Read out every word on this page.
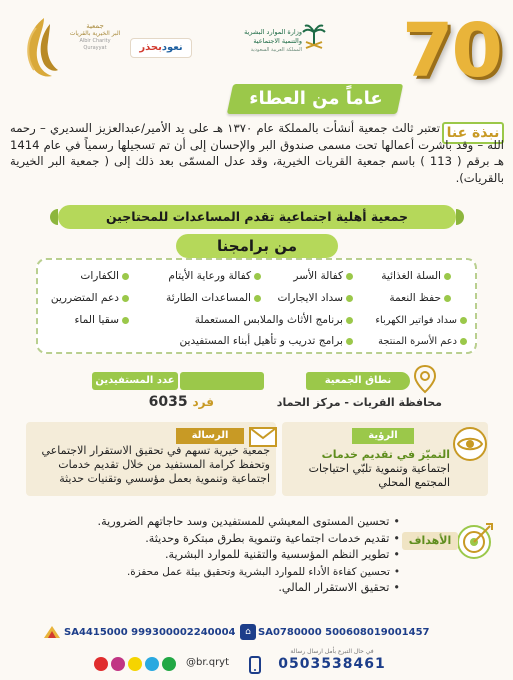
جمعية
البر الخيرية بالقريات
Albir Charity
Qurayyat	نعودبحذر
وزارة الموارد البشرية
والتنمية الاجتماعية
المملكة العربية السعودية 70
عاماً من العطاء
نبذة عنا

تعتبر ثالث جمعية أنشأت بالمملكة عام ١٣٧٠ هـ على يد الأمير/عبدالعزيز السديري – رحمه الله – وقد باشرت أعمالها تحت مسمى صندوق البر والإحسان إلى أن تم تسجيلها رسمياً في عام 1414 هـ برقم ( 113 ) باسم جمعية القريات الخيرية، وقد عدل المسمّى بعد ذلك إلى ( جمعية البر الخيرية بالقريات).

جمعية أهلية اجتماعية تقدم المساعدات للمحتاجين
من برامجنا
السلة الغذائية
كفالة الأسر
كفالة ورعاية الأيتام
الكفارات
حفظ النعمة
سداد الايجارات
المساعدات الطارئة
دعم المتضررين
سداد فواتير الكهرباء
برنامج الأثاث والملابس المستعملة
سقيا الماء
دعم الأسرة المنتجة
برامج تدريب و تأهيل أبناء المستفيدين
نطاق الجمعية
محافظة القريات - مركز الحماد
عدد المستفيدين
فرد 6035
الرؤية
التميّز في تقديم خدمات اجتماعية وتنموية تلبّي احتياجات المجتمع المحلي
الرسالة
جمعية خيرية تسهم في تحقيق الاستقرار الاجتماعي وتحفظ كرامة المستفيد من خلال تقديم خدمات اجتماعية وتنموية بعمل مؤسسي وتقنيات حديثة
الأهداف
• تحسين المستوى المعيشي للمستفيدين وسد حاجاتهم الضرورية.
• تقديم خدمات اجتماعية وتنموية بطرق مبتكرة وحديثة.
• تطوير النظم المؤسسية والتقنية للموارد البشرية.
• تحسين كفاءة الأداء للموارد البشرية وتحقيق بيئة عمل محفزة.
• تحقيق الاستقرار المالي.
⌂ SA0780000 500608019001457
SA4415000 999300002240004
@br.qryt
في حال التبرع بأمل ارسال رسالة
0503538461
